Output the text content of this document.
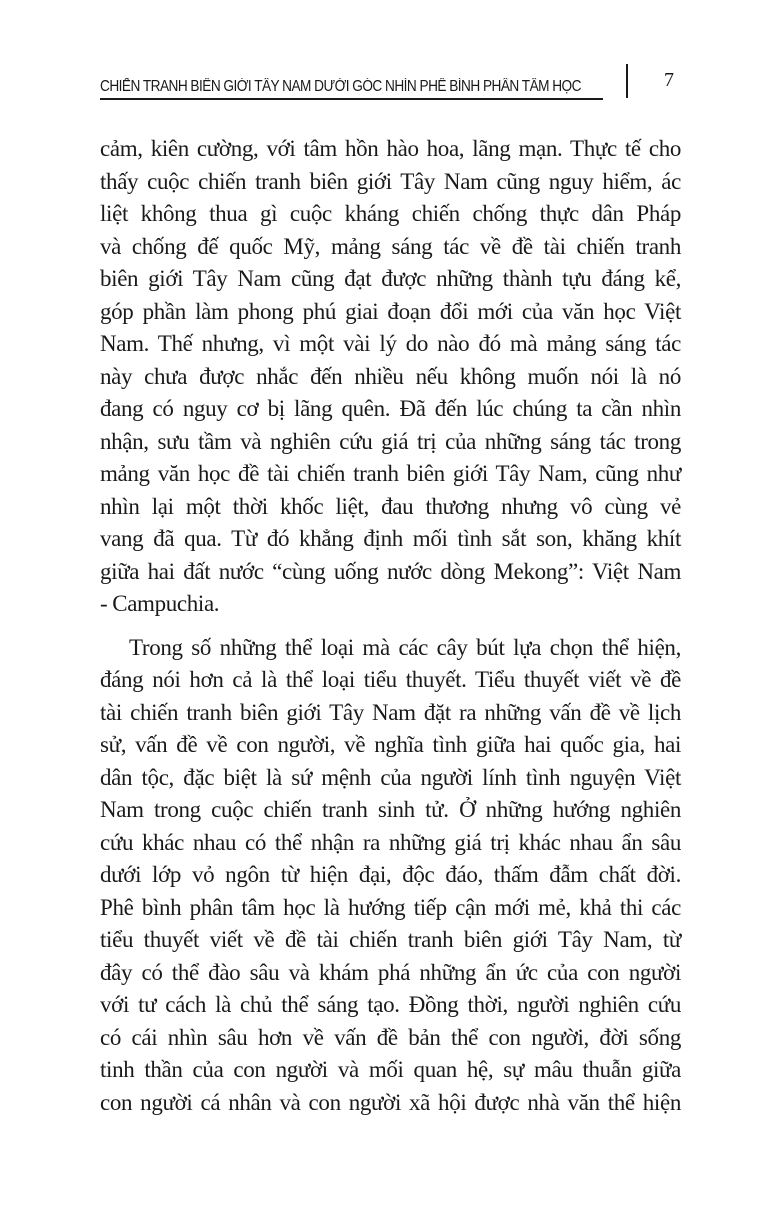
CHIẾN TRANH BIÊN GIỚI TÂY NAM DƯỚI GÓC NHÌN PHÊ BÌNH PHÂN TÂM HỌC	7

cảm, kiên cường, với tâm hồn hào hoa, lãng mạn. Thực tế cho
thấy cuộc chiến tranh biên giới Tây Nam cũng nguy hiểm, ác
liệt không thua gì cuộc kháng chiến chống thực dân Pháp
và chống đế quốc Mỹ, mảng sáng tác về đề tài chiến tranh
biên giới Tây Nam cũng đạt được những thành tựu đáng kể,
góp phần làm phong phú giai đoạn đổi mới của văn học Việt
Nam. Thế nhưng, vì một vài lý do nào đó mà mảng sáng tác
này chưa được nhắc đến nhiều nếu không muốn nói là nó
đang có nguy cơ bị lãng quên. Đã đến lúc chúng ta cần nhìn
nhận, sưu tầm và nghiên cứu giá trị của những sáng tác trong
mảng văn học đề tài chiến tranh biên giới Tây Nam, cũng như
nhìn lại một thời khốc liệt, đau thương nhưng vô cùng vẻ
vang đã qua. Từ đó khẳng định mối tình sắt son, khăng khít
giữa hai đất nước “cùng uống nước dòng Mekong”: Việt Nam
- Campuchia.

Trong số những thể loại mà các cây bút lựa chọn thể hiện,
đáng nói hơn cả là thể loại tiểu thuyết. Tiểu thuyết viết về đề
tài chiến tranh biên giới Tây Nam đặt ra những vấn đề về lịch
sử, vấn đề về con người, về nghĩa tình giữa hai quốc gia, hai
dân tộc, đặc biệt là sứ mệnh của người lính tình nguyện Việt
Nam trong cuộc chiến tranh sinh tử. Ở những hướng nghiên
cứu khác nhau có thể nhận ra những giá trị khác nhau ẩn sâu
dưới lớp vỏ ngôn từ hiện đại, độc đáo, thấm đẫm chất đời.
Phê bình phân tâm học là hướng tiếp cận mới mẻ, khả thi các
tiểu thuyết viết về đề tài chiến tranh biên giới Tây Nam, từ
đây có thể đào sâu và khám phá những ẩn ức của con người
với tư cách là chủ thể sáng tạo. Đồng thời, người nghiên cứu
có cái nhìn sâu hơn về vấn đề bản thể con người, đời sống
tinh thần của con người và mối quan hệ, sự mâu thuẫn giữa
con người cá nhân và con người xã hội được nhà văn thể hiện
